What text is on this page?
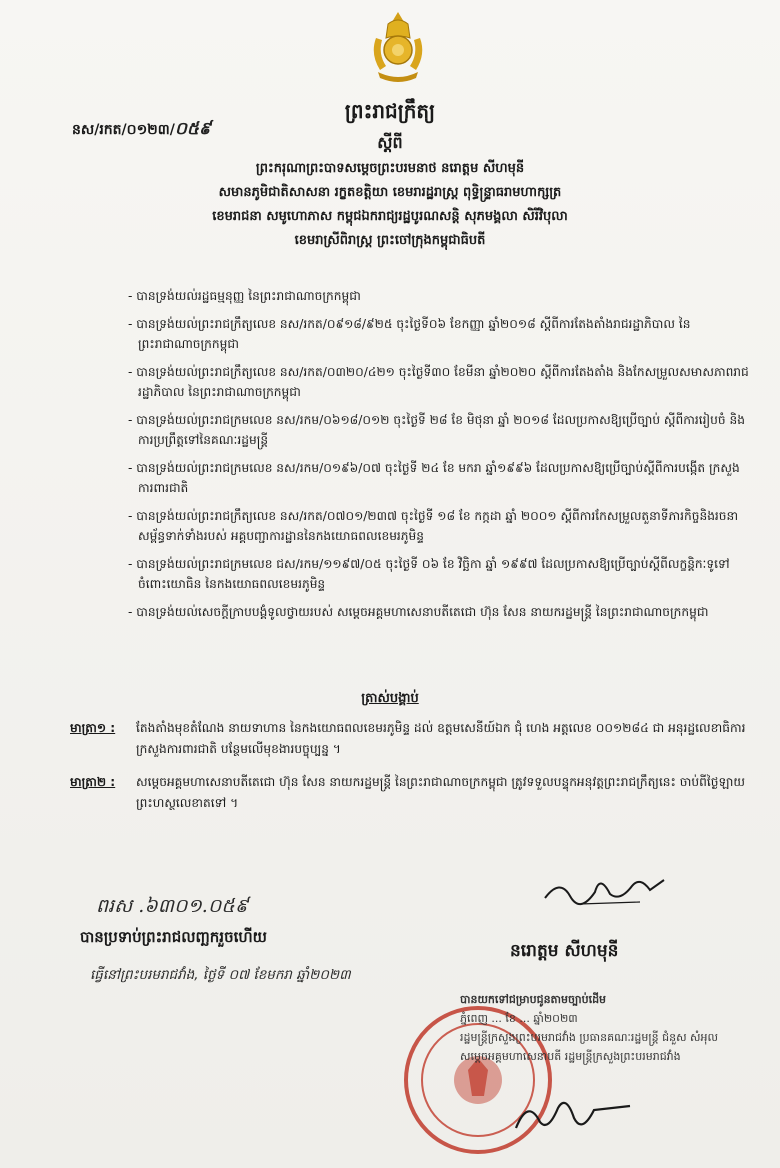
ព្រះរាជក្រឹត្យ
នស/រកត/០១២៣/០៥៩
ស្ដីពី
ព្រះករុណាព្រះបាទសម្ដេចព្រះបរមនាថ នរោត្តម សីហមុនី
សមានភូមិជាតិសាសនា រក្ខតខត្តិយា ខេមរារដ្ឋរាស្ត្រ ពុទ្ធិន្ទ្រាធរាមហាក្សត្រ
ខេមរាជនា សមូហោភាស កម្ពុជឯករាជ្យរដ្ឋបូរណសន្តិ សុភមង្គលា សិរីវិបុលា
ខេមរាស្រីពិរាស្ត្រ ព្រះចៅក្រុងកម្ពុជាធិបតី
- បានទ្រង់យល់រដ្ឋធម្មនុញ្ញ នៃព្រះរាជាណាចក្រកម្ពុជា
- បានទ្រង់យល់ព្រះរាជក្រឹត្យលេខ នស/រកត/០៩១៨/៩២៥ ចុះថ្ងៃទី០៦ ខែកញ្ញា ឆ្នាំ២០១៨ ស្ដីពីការតែងតាំងរាជរដ្ឋាភិបាល នៃព្រះរាជាណាចក្រកម្ពុជា
- បានទ្រង់យល់ព្រះរាជក្រឹត្យលេខ នស/រកត/០៣២០/៤២១ ចុះថ្ងៃទី៣០ ខែមីនា ឆ្នាំ២០២០ ស្ដីពីការតែងតាំង និងកែសម្រួលសមាសភាពរាជរដ្ឋាភិបាល នៃព្រះរាជាណាចក្រកម្ពុជា
- បានទ្រង់យល់ព្រះរាជក្រមលេខ នស/រកម/០៦១៨/០១២ ចុះថ្ងៃទី ២៨ ខែ មិថុនា ឆ្នាំ ២០១៨ ដែលប្រកាសឱ្យប្រើច្បាប់ ស្ដីពីការរៀបចំ និងការប្រព្រឹត្តទៅនៃគណៈរដ្ឋមន្ត្រី
- បានទ្រង់យល់ព្រះរាជក្រមលេខ នស/រកម/០១៩៦/០៧ ចុះថ្ងៃទី ២៤ ខែ មករា ឆ្នាំ១៩៩៦ ដែលប្រកាសឱ្យប្រើច្បាប់ស្ដីពីការបង្កើត ក្រសួងការពារជាតិ
- បានទ្រង់យល់ព្រះរាជក្រឹត្យលេខ នស/រកត/០៧០១/២៣៧ ចុះថ្ងៃទី ១៨ ខែ កក្កដា ឆ្នាំ ២០០១ ស្ដីពីការកែសម្រួលតួនាទីភារកិច្ចនិងរចនាសម្ព័ន្ធទាក់ទាំងរបស់ អគ្គបញ្ជាការដ្ឋាននៃកងយោធពលខេមរភូមិន្ទ
- បានទ្រង់យល់ព្រះរាជក្រមលេខ ជស/រកម/១១៩៧/០៥ ចុះថ្ងៃទី ០៦ ខែ វិច្ឆិកា ឆ្នាំ ១៩៩៧ ដែលប្រកាសឱ្យប្រើច្បាប់ស្ដីពីលក្ខន្តិកៈទូទៅ ចំពោះយោធិន នៃកងយោធពលខេមរភូមិន្ទ
- បានទ្រង់យល់សេចក្ដីក្រាបបង្គំទូលថ្វាយរបស់ សម្ដេចអគ្គមហាសេនាបតីតេជោ ហ៊ុន សែន នាយករដ្ឋមន្ត្រី នៃព្រះរាជាណាចក្រកម្ពុជា
ត្រាស់បង្គាប់
មាត្រា១ : តែងតាំងមុខតំណែង នាយទាហាន នៃកងយោធពលខេមរភូមិន្ទ ដល់ ឧត្តមសេនីយ៍ឯក ជុំ ហេង អត្តលេខ ០០១២៨៤ ជា អនុរដ្ឋលេខាធិការ ក្រសួងការពារជាតិ បន្ថែមលើមុខងារបច្ចុប្បន្ន ។
មាត្រា២ : សម្ដេចអគ្គមហាសេនាបតីតេជោ ហ៊ុន សែន នាយករដ្ឋមន្ត្រី នៃព្រះរាជាណាចក្រកម្ពុជា ត្រូវទទួលបន្ទុកអនុវត្តព្រះរាជក្រឹត្យនេះ ចាប់ពីថ្ងៃឡាយព្រះហស្ថលេខាតទៅ ។
នរោត្តម សីហមុនី
ពរស .៦៣០១.០៥៩
បានប្រទាប់ព្រះរាជលញ្ឆករួចហើយ
ធ្វើនៅព្រះបរមរាជវាំង, ថ្ងៃទី ០៧ ខែមករា ឆ្នាំ២០២៣
បានយកទៅជម្រាបជូនតាមច្បាប់ដើម
ភ្នំពេញ ... ខែ ... ឆ្នាំ២០២៣
រដ្ឋមន្ត្រីក្រសួងព្រះបរមរាជវាំង ប្រធានគណៈរដ្ឋមន្ត្រី ជំនួស សំអុល
សម្ដេចអគ្គមហាសេនាបតី រដ្ឋមន្ត្រីក្រសួងព្រះបរមរាជវាំង
